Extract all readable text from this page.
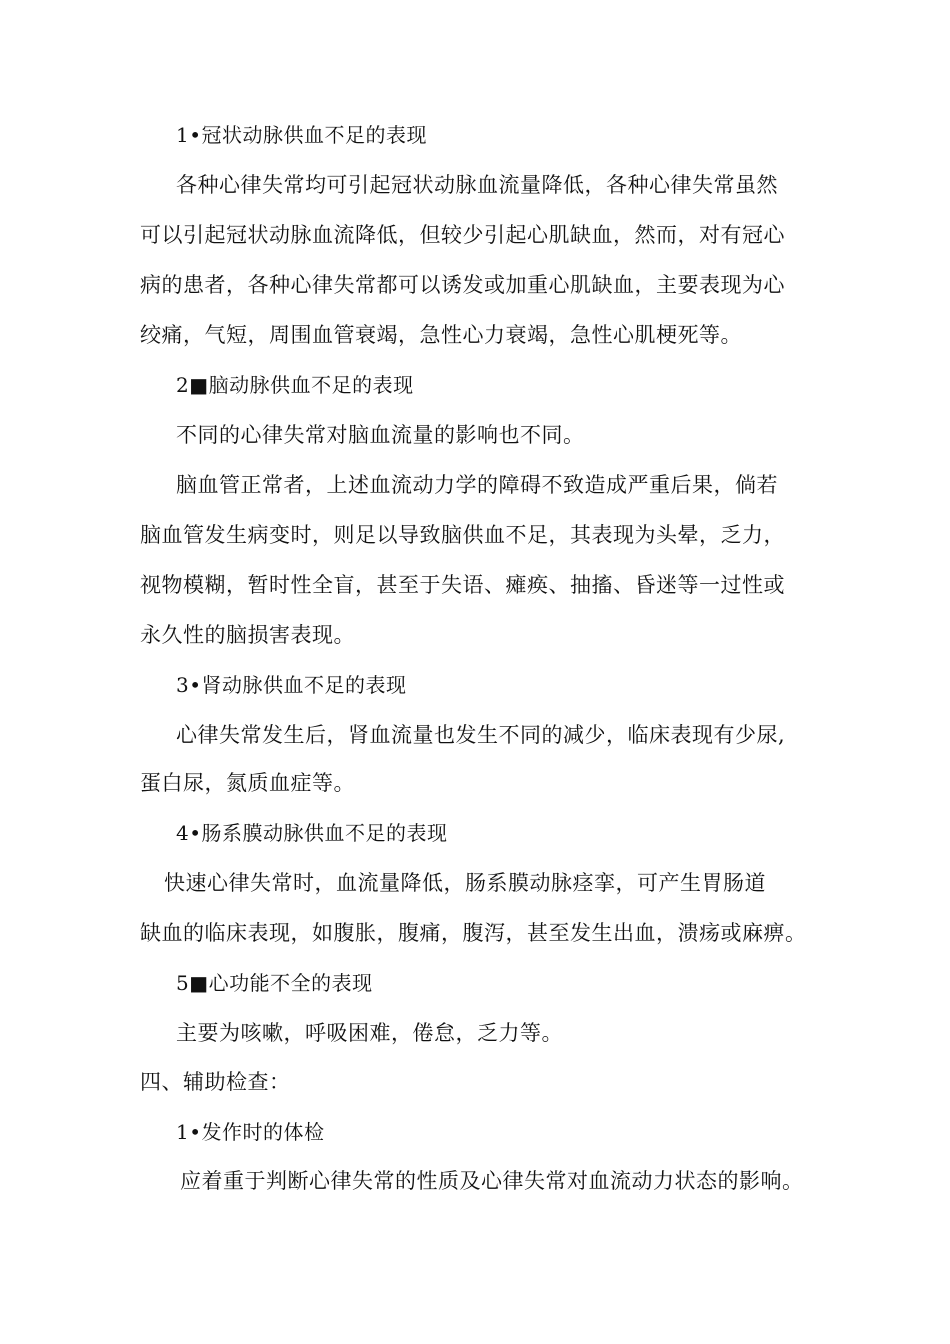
1•冠状动脉供血不足的表现
各种心律失常均可引起冠状动脉血流量降低，各种心律失常虽然
可以引起冠状动脉血流降低，但较少引起心肌缺血，然而，对有冠心
病的患者，各种心律失常都可以诱发或加重心肌缺血，主要表现为心
绞痛，气短，周围血管衰竭，急性心力衰竭，急性心肌梗死等。
2■脑动脉供血不足的表现
不同的心律失常对脑血流量的影响也不同。
脑血管正常者，上述血流动力学的障碍不致造成严重后果，倘若
脑血管发生病变时，则足以导致脑供血不足，其表现为头晕，乏力，
视物模糊，暂时性全盲，甚至于失语、瘫痪、抽搐、昏迷等一过性或
永久性的脑损害表现。
3•肾动脉供血不足的表现
心律失常发生后，肾血流量也发生不同的减少，临床表现有少尿,
蛋白尿，氮质血症等。
4•肠系膜动脉供血不足的表现
快速心律失常时，血流量降低，肠系膜动脉痉挛，可产生胃肠道
缺血的临床表现，如腹胀，腹痛，腹泻，甚至发生出血，溃疡或麻痹。
5■心功能不全的表现
主要为咳嗽，呼吸困难，倦怠，乏力等。
四、辅助检查：
1•发作时的体检
应着重于判断心律失常的性质及心律失常对血流动力状态的影响。
